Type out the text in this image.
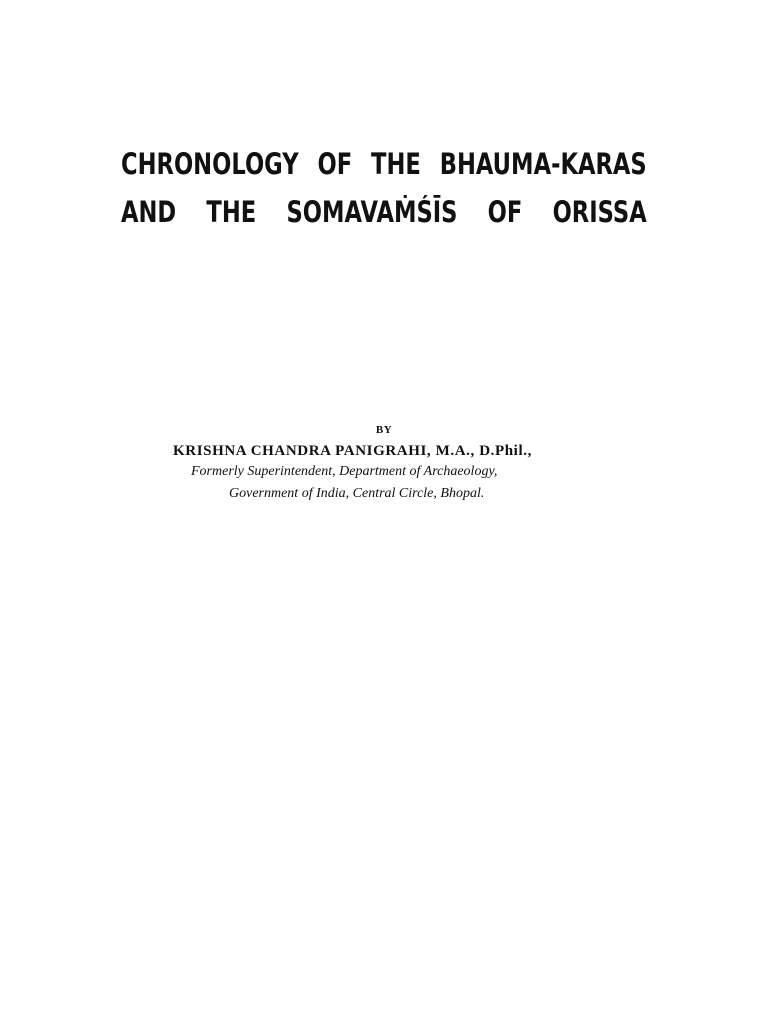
CHRONOLOGY OF THE BHAUMA-KARAS
AND THE SOMAVAṀŚĪS OF ORISSA
BY
KRISHNA CHANDRA PANIGRAHI, M.A., D.Phil.,
Formerly Superintendent, Department of Archaeology,
Government of India, Central Circle, Bhopal.
